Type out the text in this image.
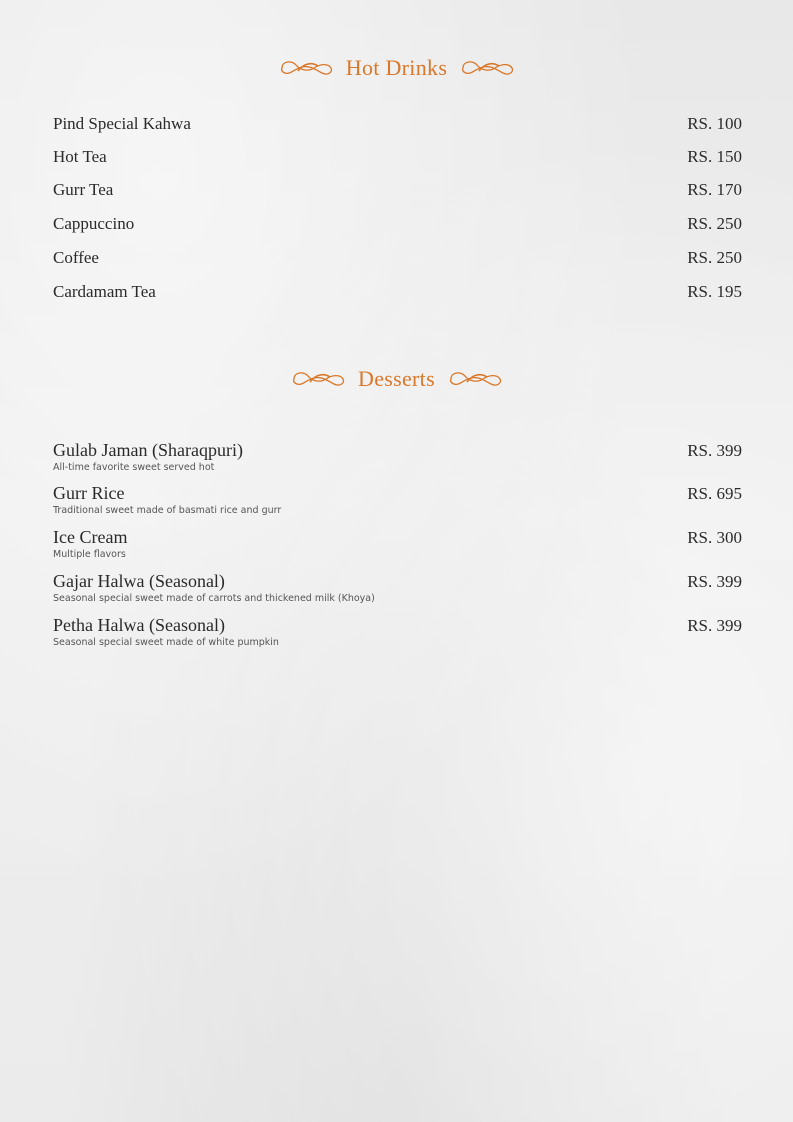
Hot Drinks
Pind Special Kahwa	RS. 100
Hot Tea	RS. 150
Gurr Tea	RS. 170
Cappuccino	RS. 250
Coffee	RS. 250
Cardamam Tea	RS. 195
Desserts
Gulab Jaman (Sharaqpuri)	RS. 399
All-time favorite sweet served hot
Gurr Rice	RS. 695
Traditional sweet made of basmati rice and gurr
Ice Cream	RS. 300
Multiple flavors
Gajar Halwa (Seasonal)	RS. 399
Seasonal special sweet made of carrots and thickened milk (Khoya)
Petha Halwa (Seasonal)	RS. 399
Seasonal special sweet made of white pumpkin
